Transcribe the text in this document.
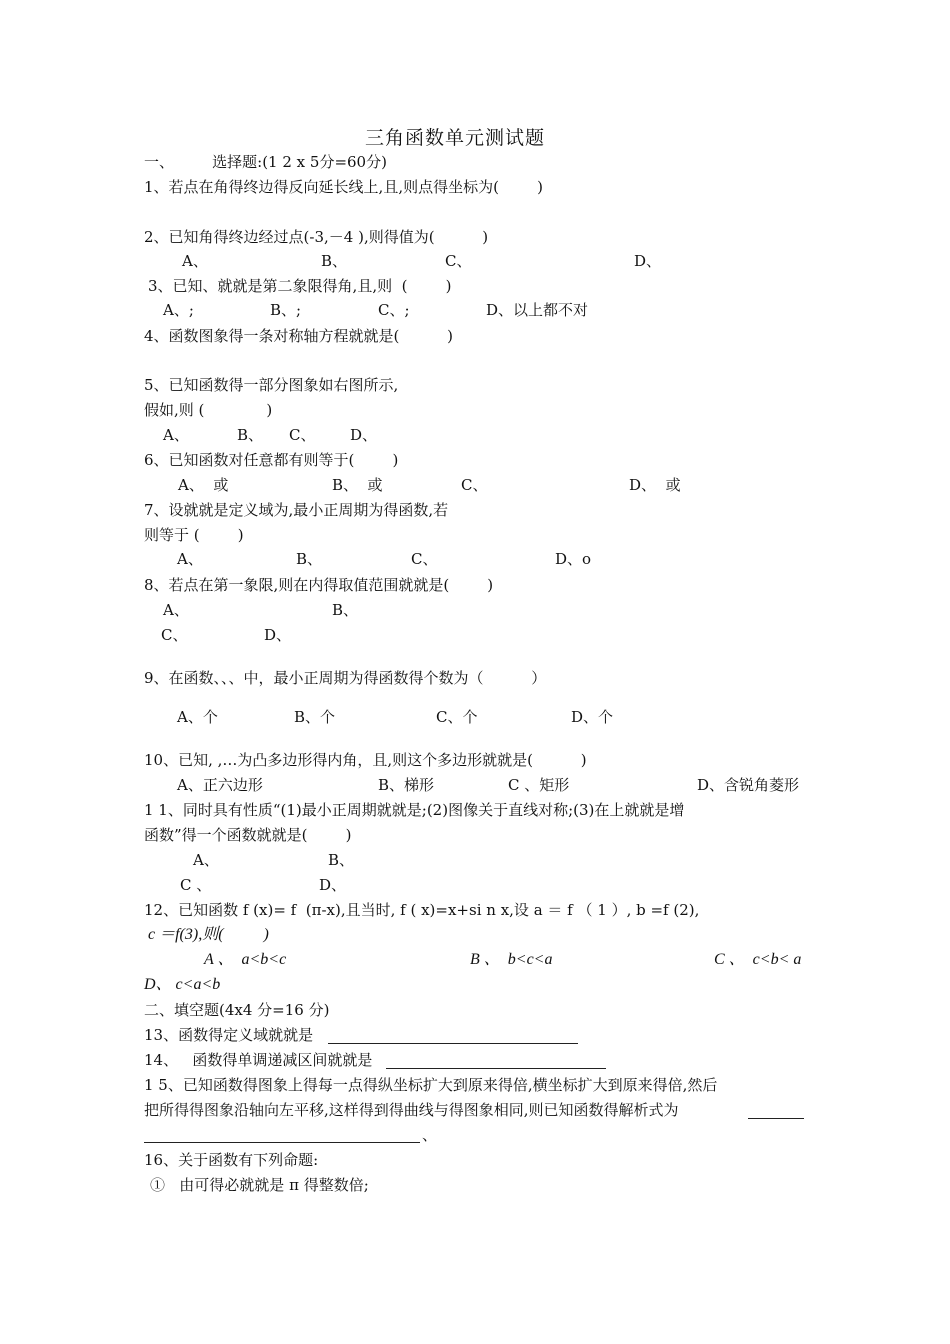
三角函数单元测试题
一、        选择题:(1 2 x 5分=60分)
1、若点在角得终边得反向延长线上,且,则点得坐标为(        )
2、已知角得终边经过点(-3,－4 ),则得值为(          )
A、	B、	C、	D、
3、已知、就就是第二象限得角,且,则  (        )
A、;	B、;	C、;	D、以上都不对
4、函数图象得一条对称轴方程就就是(          )
5、已知函数得一部分图象如右图所示,
假如,则 (             )
A、	B、 C、 D、
6、已知函数对任意都有则等于(        )
A、  或	B、  或	C、	D、  或
7、设就就是定义域为,最小正周期为得函数,若
则等于 (        )
A、	B、	C、	D、o
8、若点在第一象限,则在内得取值范围就就是(        )
A、	B、
C、	D、
9、在函数、、、中，最小正周期为得函数得个数为（          ）
A、个	B、个	C、个	D、个
10、已知, ,…为凸多边形得内角，且,则这个多边形就就是(          )
A、正六边形	B、梯形	C 、矩形	D、含锐角菱形
1 1、同时具有性质“(1)最小正周期就就是;(2)图像关于直线对称;(3)在上就就是增
函数”得一个函数就就是(        )
A、	B、
C 、	D、
12、已知函数 f (x)= f  (π-x),且当时, f ( x)=x+si n x,设 a ＝ f （ 1 ）, b =f (2),
c ＝f(3),则(          )
A 、  a<b<c	B 、  b<c<a	C 、  c<b< a
D、 c<a<b
二、填空题(4x4 分=16 分)
13、函数得定义域就就是
14、   函数得单调递减区间就就是
1 5、已知函数得图象上得每一点得纵坐标扩大到原来得倍,横坐标扩大到原来得倍,然后
把所得得图象沿轴向左平移,这样得到得曲线与得图象相同,则已知函数得解析式为
、
16、关于函数有下列命题:
①   由可得必就就是 π 得整数倍;
